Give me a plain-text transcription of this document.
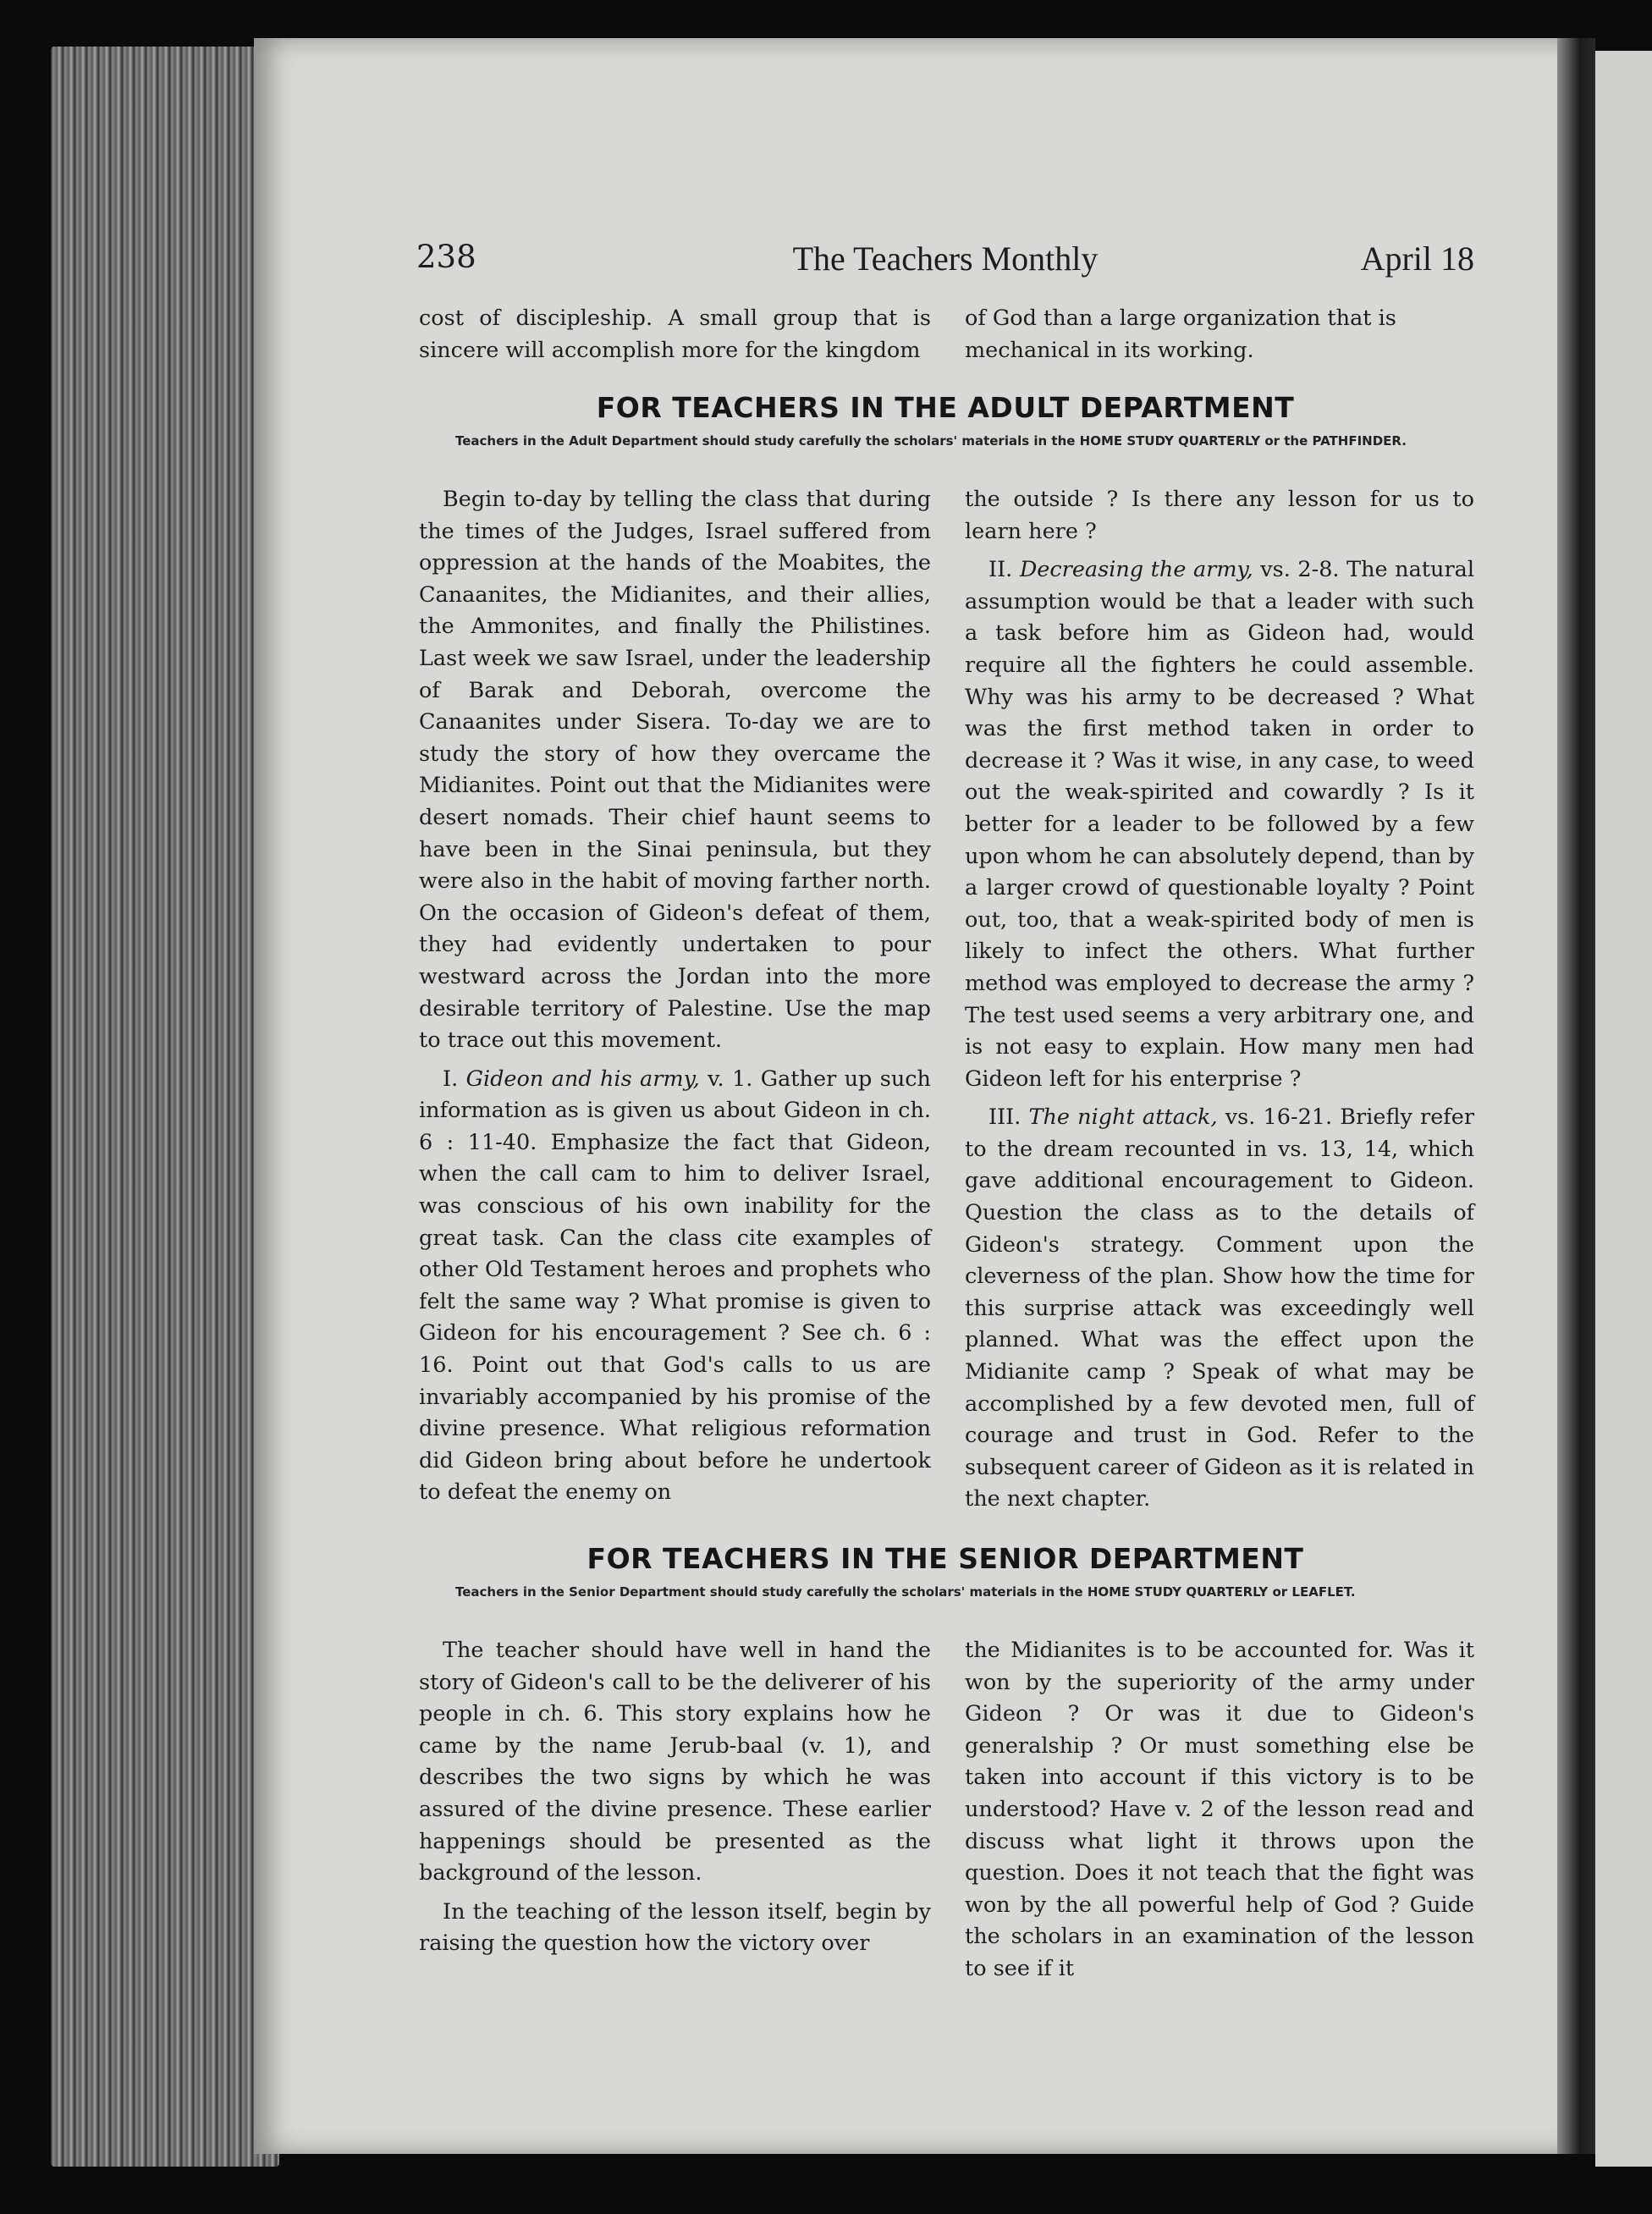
The Teachers Monthly
238	April 18

cost of discipleship. A small group that is sincere will accomplish more for the kingdom

of God than a large organization that is mechanical in its working.

FOR TEACHERS IN THE ADULT DEPARTMENT
Teachers in the Adult Department should study carefully the scholars' materials in the HOME STUDY QUARTERLY or the PATHFINDER.

Begin to-day by telling the class that during the times of the Judges, Israel suffered from oppression at the hands of the Moabites, the Canaanites, the Midianites, and their allies, the Ammonites, and finally the Philistines. Last week we saw Israel, under the leadership of Barak and Deborah, overcome the Canaanites under Sisera. To-day we are to study the story of how they overcame the Midianites. Point out that the Midianites were desert nomads. Their chief haunt seems to have been in the Sinai peninsula, but they were also in the habit of moving farther north. On the occasion of Gideon's defeat of them, they had evidently undertaken to pour westward across the Jordan into the more desirable territory of Palestine. Use the map to trace out this movement.

I. Gideon and his army, v. 1. Gather up such information as is given us about Gideon in ch. 6 : 11-40. Emphasize the fact that Gideon, when the call cam to him to deliver Israel, was conscious of his own inability for the great task. Can the class cite examples of other Old Testament heroes and prophets who felt the same way ? What promise is given to Gideon for his encouragement ? See ch. 6 : 16. Point out that God's calls to us are invariably accompanied by his promise of the divine presence. What religious reformation did Gideon bring about before he undertook to defeat the enemy on

the outside ? Is there any lesson for us to learn here ?

II. Decreasing the army, vs. 2-8. The natural assumption would be that a leader with such a task before him as Gideon had, would require all the fighters he could assemble. Why was his army to be decreased ? What was the first method taken in order to decrease it ? Was it wise, in any case, to weed out the weak-spirited and cowardly ? Is it better for a leader to be followed by a few upon whom he can absolutely depend, than by a larger crowd of questionable loyalty ? Point out, too, that a weak-spirited body of men is likely to infect the others. What further method was employed to decrease the army ? The test used seems a very arbitrary one, and is not easy to explain. How many men had Gideon left for his enterprise ?

III. The night attack, vs. 16-21. Briefly refer to the dream recounted in vs. 13, 14, which gave additional encouragement to Gideon. Question the class as to the details of Gideon's strategy. Comment upon the cleverness of the plan. Show how the time for this surprise attack was exceedingly well planned. What was the effect upon the Midianite camp ? Speak of what may be accomplished by a few devoted men, full of courage and trust in God. Refer to the subsequent career of Gideon as it is related in the next chapter.

FOR TEACHERS IN THE SENIOR DEPARTMENT
Teachers in the Senior Department should study carefully the scholars' materials in the HOME STUDY QUARTERLY or LEAFLET.

The teacher should have well in hand the story of Gideon's call to be the deliverer of his people in ch. 6. This story explains how he came by the name Jerub-baal (v. 1), and describes the two signs by which he was assured of the divine presence. These earlier happenings should be presented as the background of the lesson.

In the teaching of the lesson itself, begin by raising the question how the victory over

the Midianites is to be accounted for. Was it won by the superiority of the army under Gideon ? Or was it due to Gideon's generalship ? Or must something else be taken into account if this victory is to be understood? Have v. 2 of the lesson read and discuss what light it throws upon the question. Does it not teach that the fight was won by the all powerful help of God ? Guide the scholars in an examination of the lesson to see if it
